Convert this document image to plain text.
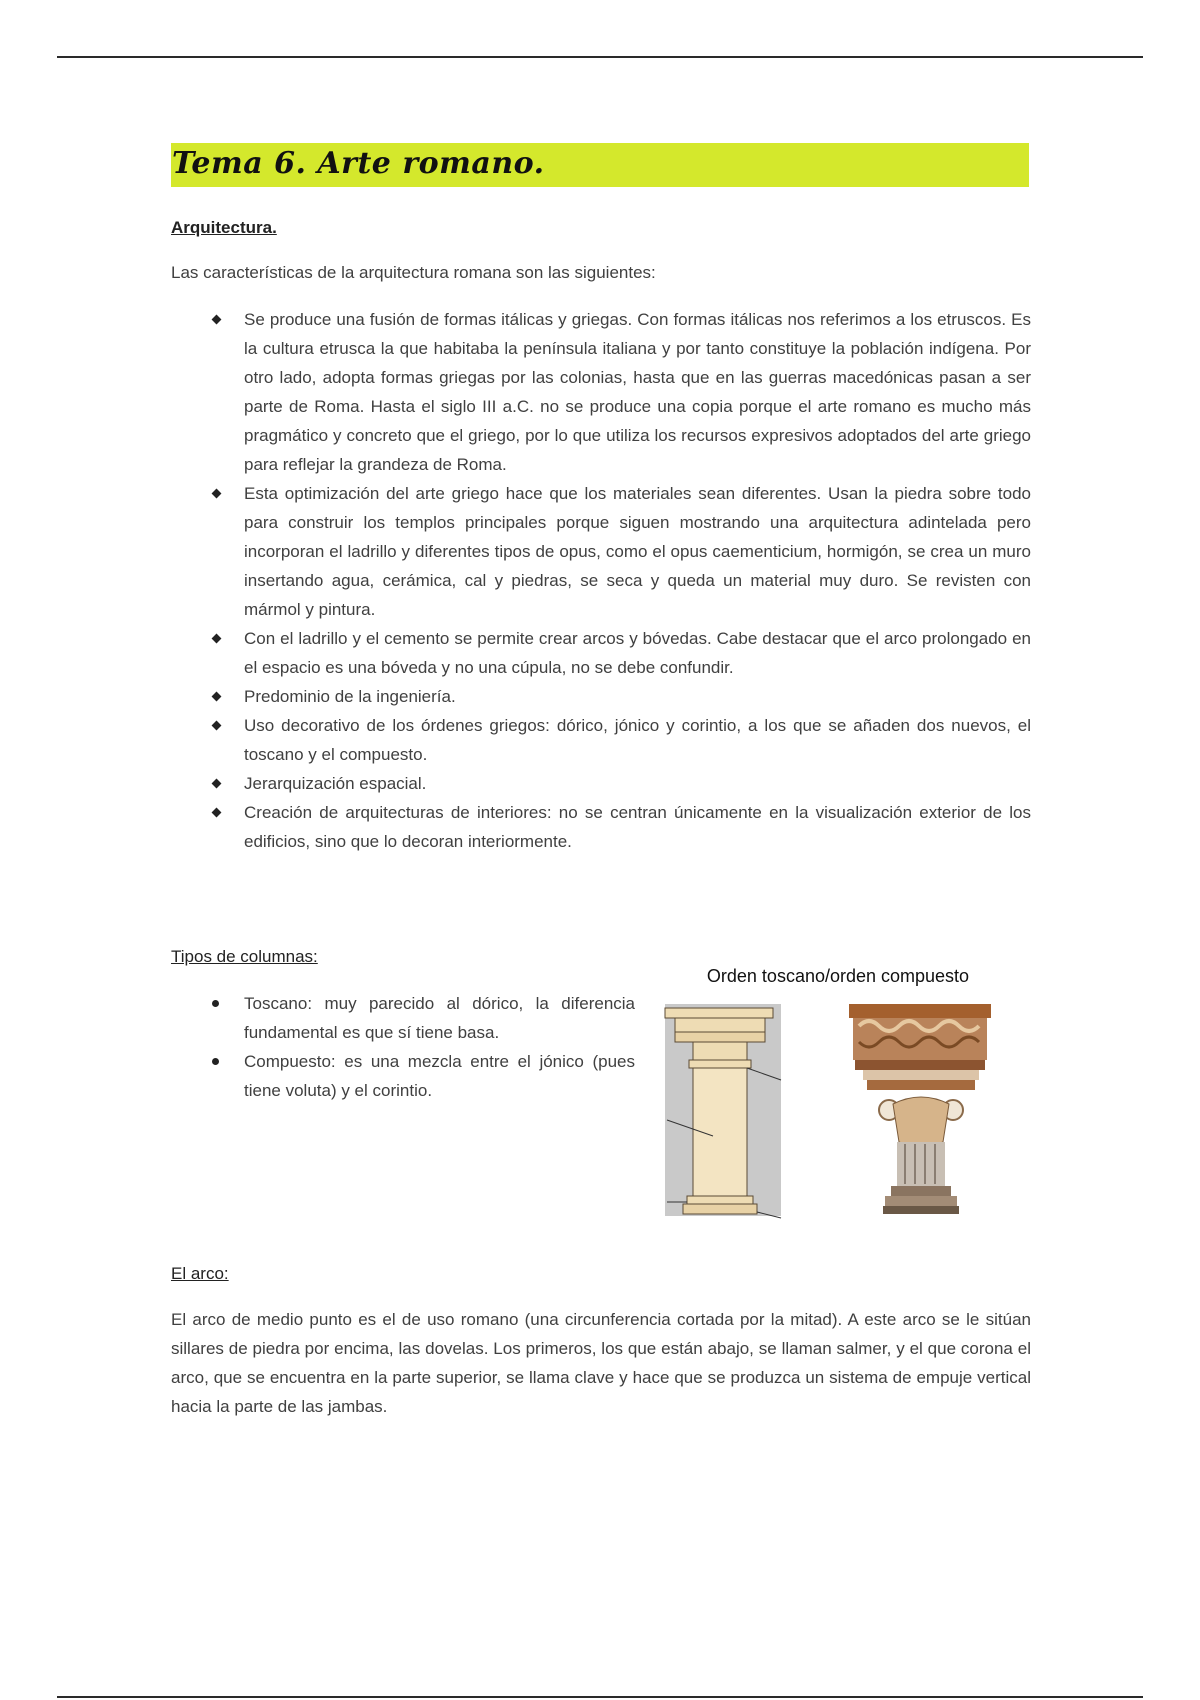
Tema 6. Arte romano.
Arquitectura.
Las características de la arquitectura romana son las siguientes:
Se produce una fusión de formas itálicas y griegas. Con formas itálicas nos referimos a los etruscos. Es la cultura etrusca la que habitaba la península italiana y por tanto constituye la población indígena. Por otro lado, adopta formas griegas por las colonias, hasta que en las guerras macedónicas pasan a ser parte de Roma. Hasta el siglo III a.C. no se produce una copia porque el arte romano es mucho más pragmático y concreto que el griego, por lo que utiliza los recursos expresivos adoptados del arte griego para reflejar la grandeza de Roma.
Esta optimización del arte griego hace que los materiales sean diferentes. Usan la piedra sobre todo para construir los templos principales porque siguen mostrando una arquitectura adintelada pero incorporan el ladrillo y diferentes tipos de opus, como el opus caementicium, hormigón, se crea un muro insertando agua, cerámica, cal y piedras, se seca y queda un material muy duro. Se revisten con mármol y pintura.
Con el ladrillo y el cemento se permite crear arcos y bóvedas. Cabe destacar que el arco prolongado en el espacio es una bóveda y no una cúpula, no se debe confundir.
Predominio de la ingeniería.
Uso decorativo de los órdenes griegos: dórico, jónico y corintio, a los que se añaden dos nuevos, el toscano y el compuesto.
Jerarquización espacial.
Creación de arquitecturas de interiores: no se centran únicamente en la visualización exterior de los edificios, sino que lo decoran interiormente.
Tipos de columnas:
Toscano: muy parecido al dórico, la diferencia fundamental es que sí tiene basa.
Compuesto: es una mezcla entre el jónico (pues tiene voluta) y el corintio.
Orden toscano/orden compuesto
El arco:
El arco de medio punto es el de uso romano (una circunferencia cortada por la mitad). A este arco se le sitúan sillares de piedra por encima, las dovelas. Los primeros, los que están abajo, se llaman salmer, y el que corona el arco, que se encuentra en la parte superior, se llama clave y hace que se produzca un sistema de empuje vertical hacia la parte de las jambas.
